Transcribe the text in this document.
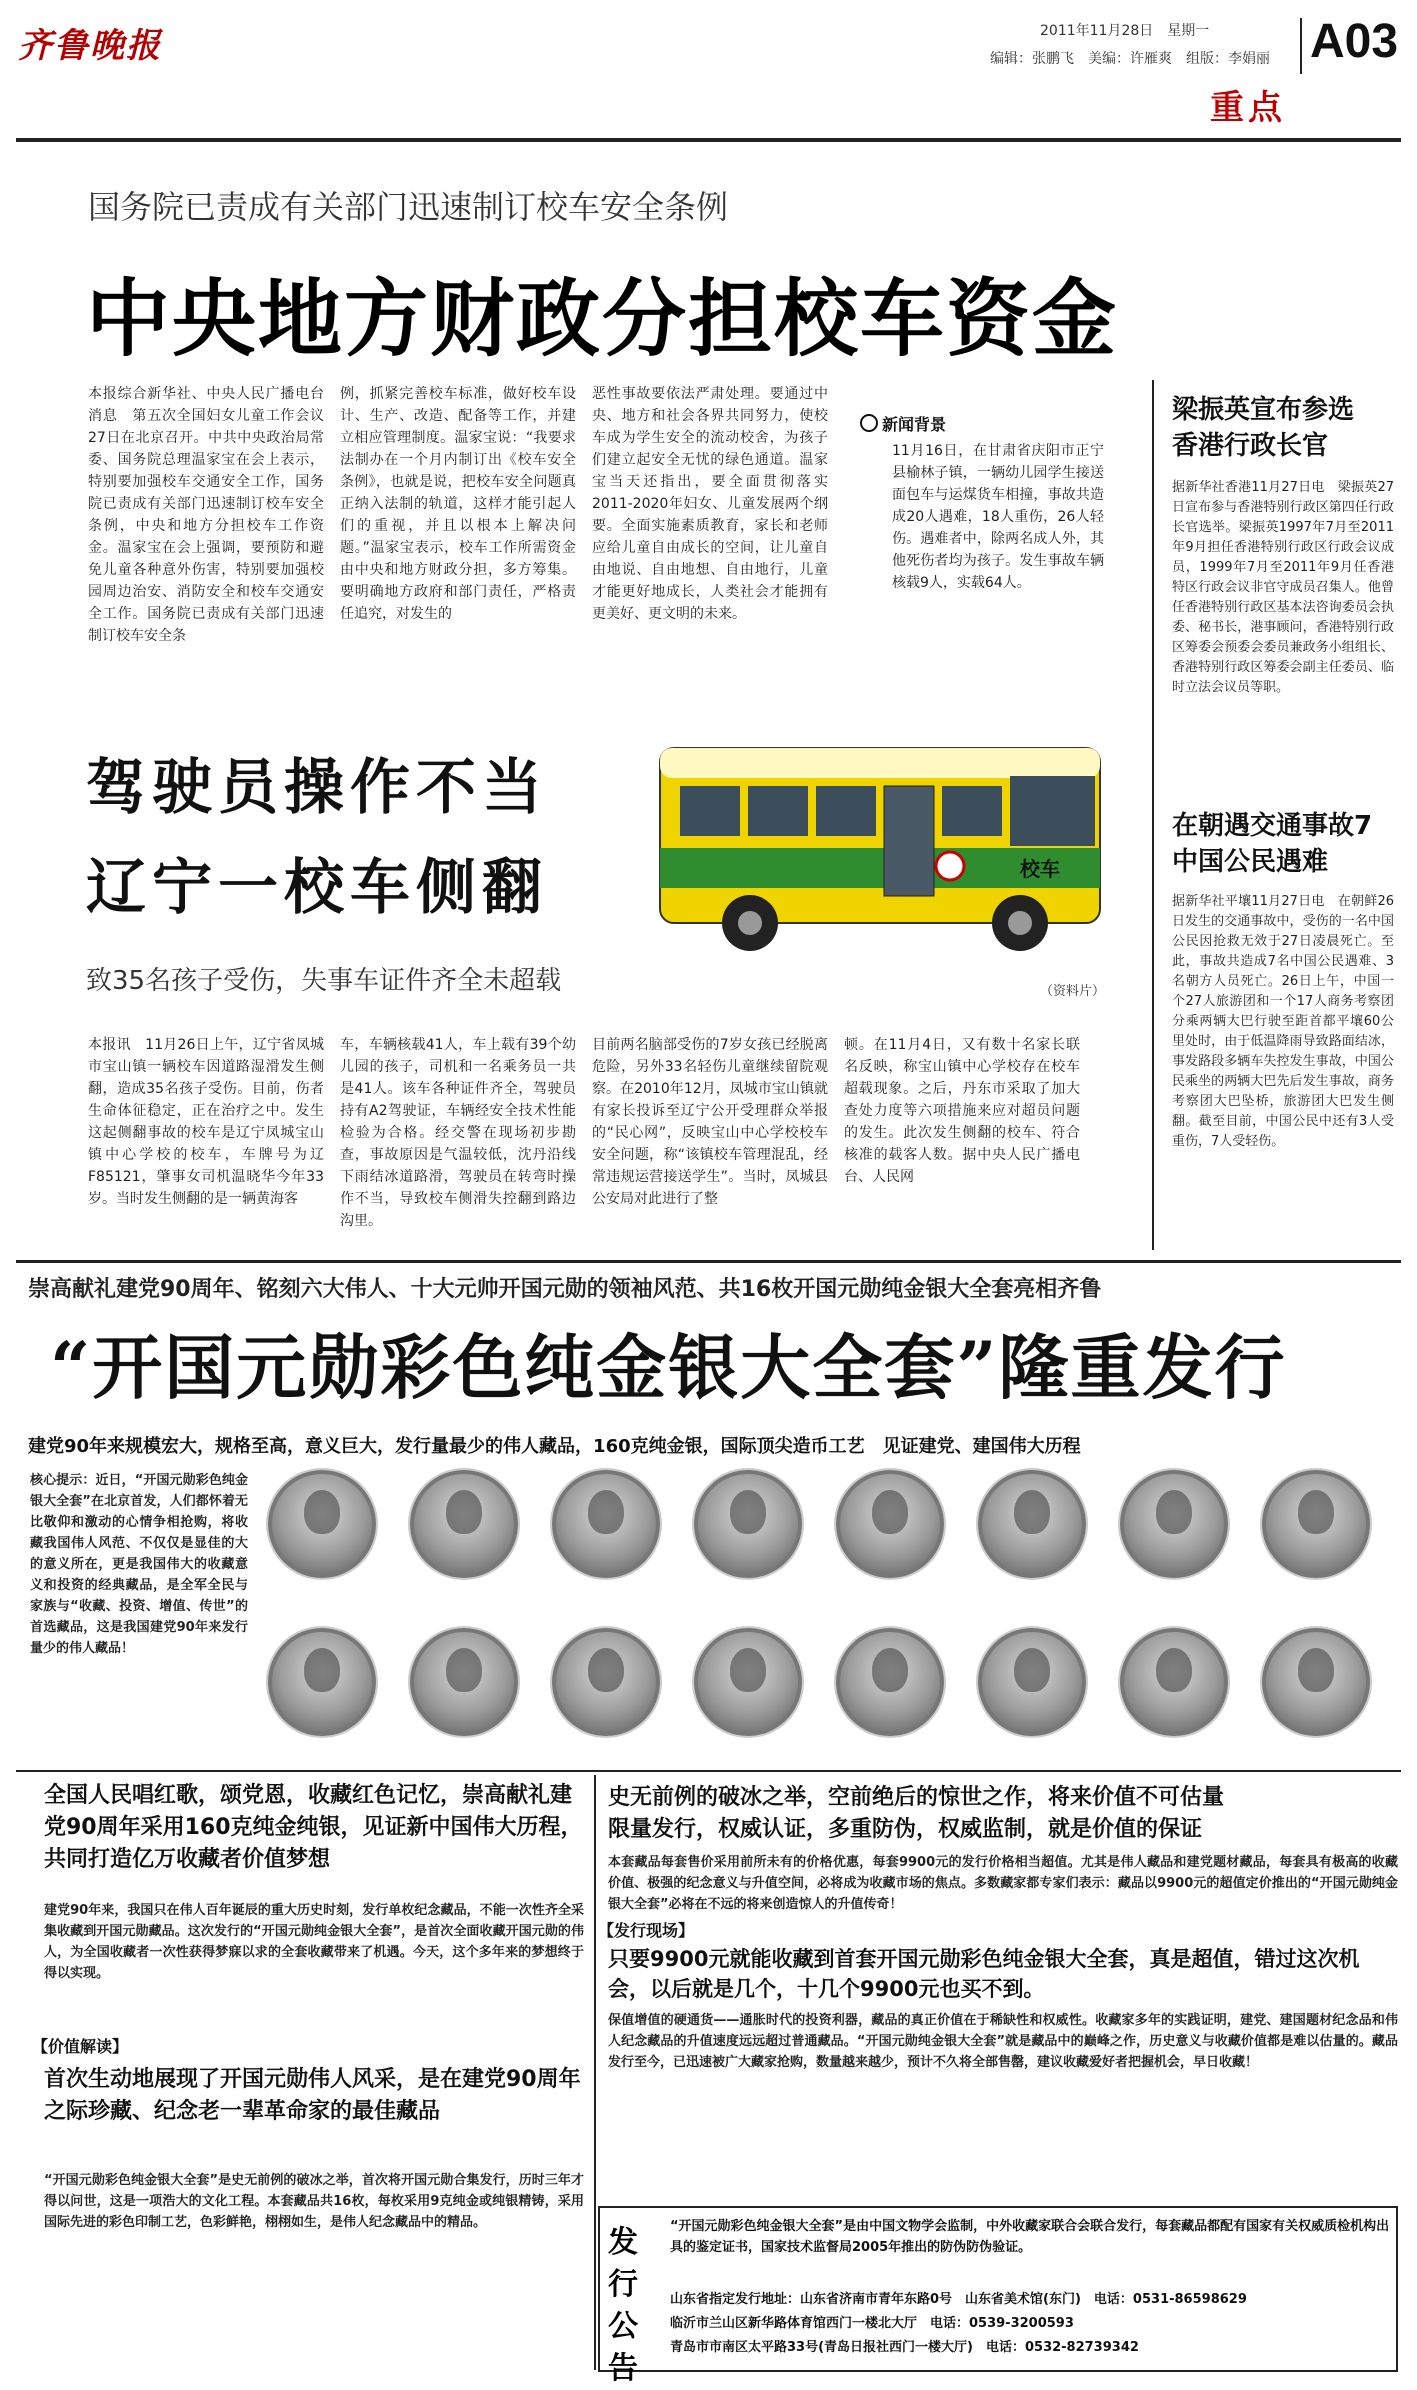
齐鲁晚报	2011年11月28日　星期一
编辑：张鹏飞　美编：许雁爽　组版：李娟丽 A03
重点
国务院已责成有关部门迅速制订校车安全条例
中央地方财政分担校车资金
本报综合新华社、中央人民广播电台消息　第五次全国妇女儿童工作会议27日在北京召开。中共中央政治局常委、国务院总理温家宝在会上表示，特别要加强校车交通安全工作，国务院已责成有关部门迅速制订校车安全条例，中央和地方分担校车工作资金。温家宝在会上强调，要预防和避免儿童各种意外伤害，特别要加强校园周边治安、消防安全和校车交通安全工作。国务院已责成有关部门迅速制订校车安全条
例，抓紧完善校车标准，做好校车设计、生产、改造、配备等工作，并建立相应管理制度。温家宝说：“我要求法制办在一个月内制订出《校车安全条例》，也就是说，把校车安全问题真正纳入法制的轨道，这样才能引起人们的重视，并且以根本上解决问题。”温家宝表示，校车工作所需资金由中央和地方财政分担，多方筹集。要明确地方政府和部门责任，严格责任追究，对发生的
恶性事故要依法严肃处理。要通过中央、地方和社会各界共同努力，使校车成为学生安全的流动校舍，为孩子们建立起安全无忧的绿色通道。温家宝当天还指出，要全面贯彻落实2011-2020年妇女、儿童发展两个纲要。全面实施素质教育，家长和老师应给儿童自由成长的空间，让儿童自由地说、自由地想、自由地行，儿童才能更好地成长，人类社会才能拥有更美好、更文明的未来。
新闻背景
11月16日，在甘肃省庆阳市正宁县榆林子镇，一辆幼儿园学生接送面包车与运煤货车相撞，事故共造成20人遇难，18人重伤，26人轻伤。遇难者中，除两名成人外，其他死伤者均为孩子。发生事故车辆核载9人，实载64人。
梁振英宣布参选香港行政长官
据新华社香港11月27日电　梁振英27日宣布参与香港特别行政区第四任行政长官选举。梁振英1997年7月至2011年9月担任香港特别行政区行政会议成员，1999年7月至2011年9月任香港特区行政会议非官守成员召集人。他曾任香港特别行政区基本法咨询委员会执委、秘书长，港事顾问，香港特别行政区筹委会预委会委员兼政务小组组长、香港特别行政区筹委会副主任委员、临时立法会议员等职。
在朝遇交通事故7中国公民遇难
据新华社平壤11月27日电　在朝鲜26日发生的交通事故中，受伤的一名中国公民因抢救无效于27日凌晨死亡。至此，事故共造成7名中国公民遇难、3名朝方人员死亡。26日上午，中国一个27人旅游团和一个17人商务考察团分乘两辆大巴行驶至距首都平壤60公里处时，由于低温降雨导致路面结冰，事发路段多辆车失控发生事故，中国公民乘坐的两辆大巴先后发生事故，商务考察团大巴坠桥，旅游团大巴发生侧翻。截至目前，中国公民中还有3人受重伤，7人受轻伤。
驾驶员操作不当
辽宁一校车侧翻
致35名孩子受伤，失事车证件齐全未超载
校车
（资料片）
本报讯　11月26日上午，辽宁省凤城市宝山镇一辆校车因道路湿滑发生侧翻，造成35名孩子受伤。目前，伤者生命体征稳定，正在治疗之中。发生这起侧翻事故的校车是辽宁凤城宝山镇中心学校的校车，车牌号为辽F85121，肇事女司机温晓华今年33岁。当时发生侧翻的是一辆黄海客
车，车辆核载41人，车上载有39个幼儿园的孩子，司机和一名乘务员一共是41人。该车各种证件齐全，驾驶员持有A2驾驶证，车辆经安全技术性能检验为合格。经交警在现场初步勘查，事故原因是气温较低，沈丹沿线下雨结冰道路滑，驾驶员在转弯时操作不当，导致校车侧滑失控翻到路边沟里。
目前两名脑部受伤的7岁女孩已经脱离危险，另外33名轻伤儿童继续留院观察。在2010年12月，凤城市宝山镇就有家长投诉至辽宁公开受理群众举报的“民心网”，反映宝山中心学校校车安全问题，称“该镇校车管理混乱，经常违规运营接送学生”。当时，凤城县公安局对此进行了整
顿。在11月4日，又有数十名家长联名反映，称宝山镇中心学校存在校车超载现象。之后，丹东市采取了加大查处力度等六项措施来应对超员问题的发生。此次发生侧翻的校车、符合核准的载客人数。据中央人民广播电台、人民网
崇高献礼建党90周年、铭刻六大伟人、十大元帅开国元勋的领袖风范、共16枚开国元勋纯金银大全套亮相齐鲁
“开国元勋彩色纯金银大全套”隆重发行
建党90年来规模宏大，规格至高，意义巨大，发行量最少的伟人藏品，160克纯金银，国际顶尖造币工艺　见证建党、建国伟大历程
核心提示：近日，“开国元勋彩色纯金银大全套”在北京首发，人们都怀着无比敬仰和激动的心情争相抢购，将收藏我国伟人风范、不仅仅是显佳的大的意义所在，更是我国伟大的收藏意义和投资的经典藏品，是全军全民与家族与“收藏、投资、增值、传世”的首选藏品，这是我国建党90年来发行量少的伟人藏品！
全国人民唱红歌，颂党恩，收藏红色记忆，崇高献礼建党90周年采用160克纯金纯银，见证新中国伟大历程，共同打造亿万收藏者价值梦想
建党90年来，我国只在伟人百年诞辰的重大历史时刻，发行单枚纪念藏品，不能一次性齐全采集收藏到开国元勋藏品。这次发行的“开国元勋纯金银大全套”，是首次全面收藏开国元勋的伟人，为全国收藏者一次性获得梦寐以求的全套收藏带来了机遇。今天，这个多年来的梦想终于得以实现。
史无前例的破冰之举，空前绝后的惊世之作，将来价值不可估量
限量发行，权威认证，多重防伪，权威监制，就是价值的保证
本套藏品每套售价采用前所未有的价格优惠，每套9900元的发行价格相当超值。尤其是伟人藏品和建党题材藏品，每套具有极高的收藏价值、极强的纪念意义与升值空间，必将成为收藏市场的焦点。多数藏家都专家们表示：藏品以9900元的超值定价推出的“开国元勋纯金银大全套”必将在不远的将来创造惊人的升值传奇！
【发行现场】
只要9900元就能收藏到首套开国元勋彩色纯金银大全套，真是超值，错过这次机会，以后就是几个，十几个9900元也买不到。
保值增值的硬通货——通胀时代的投资利器，藏品的真正价值在于稀缺性和权威性。收藏家多年的实践证明，建党、建国题材纪念品和伟人纪念藏品的升值速度远远超过普通藏品。“开国元勋纯金银大全套”就是藏品中的巅峰之作，历史意义与收藏价值都是难以估量的。藏品发行至今，已迅速被广大藏家抢购，数量越来越少，预计不久将全部售罄，建议收藏爱好者把握机会，早日收藏！
【价值解读】
首次生动地展现了开国元勋伟人风采，是在建党90周年之际珍藏、纪念老一辈革命家的最佳藏品
“开国元勋彩色纯金银大全套”是史无前例的破冰之举，首次将开国元勋合集发行，历时三年才得以问世，这是一项浩大的文化工程。本套藏品共16枚，每枚采用9克纯金或纯银精铸，采用国际先进的彩色印制工艺，色彩鲜艳，栩栩如生，是伟人纪念藏品中的精品。
发行公告
“开国元勋彩色纯金银大全套”是由中国文物学会监制，中外收藏家联合会联合发行，每套藏品都配有国家有关权威质检机构出具的鉴定证书，国家技术监督局2005年推出的防伪防伪验证。
山东省指定发行地址：山东省济南市青年东路0号　山东省美术馆(东门)　电话：0531-86598629
临沂市兰山区新华路体育馆西门一楼北大厅　电话：0539-3200593
青岛市市南区太平路33号(青岛日报社西门一楼大厅)　电话：0532-82739342
